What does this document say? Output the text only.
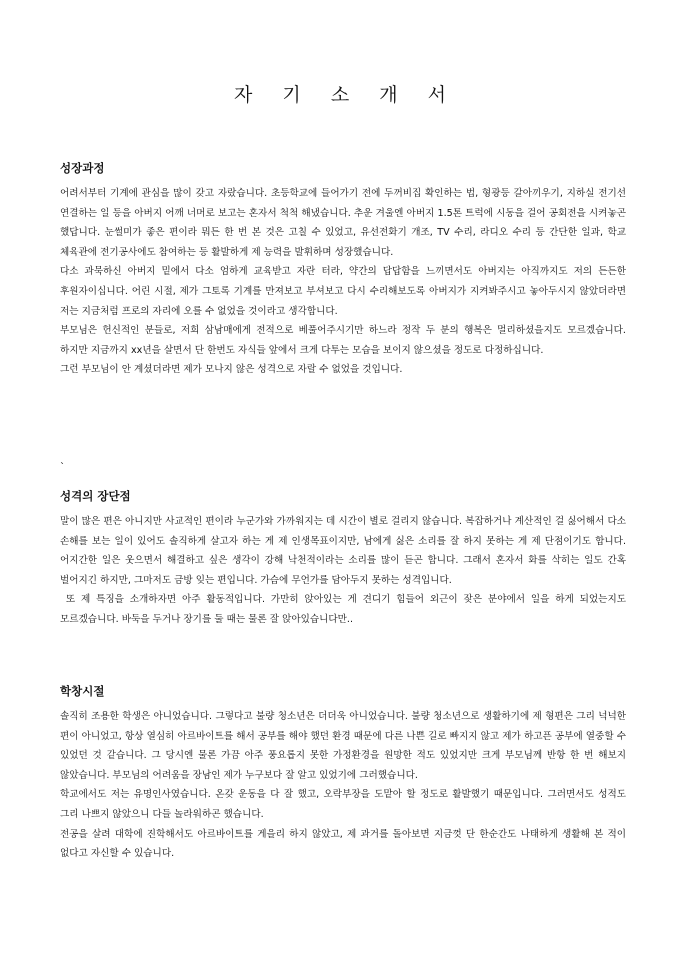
자 기 소 개 서
성장과정

어려서부터 기계에 관심을 많이 갖고 자랐습니다. 초등학교에 들어가기 전에 두꺼비집 확인하는 법, 형광등 갈아끼우기, 지하실 전기선 연결하는 일 등을 아버지 어깨 너머로 보고는 혼자서 척척 해냈습니다. 추운 겨울엔 아버지 1.5톤 트럭에 시동을 걸어 공회전을 시켜놓곤 했답니다. 눈썰미가 좋은 편이라 뭐든 한 번 본 것은 고칠 수 있었고, 유선전화기 개조, TV 수리, 라디오 수리 등 간단한 일과, 학교 체육관에 전기공사에도 참여하는 등 활발하게 제 능력을 발휘하며 성장했습니다.

다소 과묵하신 아버지 밑에서 다소 엄하게 교육받고 자란 터라, 약간의 답답함을 느끼면서도 아버지는 아직까지도 저의 든든한 후원자이십니다. 어린 시절, 제가 그토록 기계를 만져보고 부셔보고 다시 수리해보도록 아버지가 지켜봐주시고 놓아두시지 않았더라면 저는 지금처럼 프로의 자리에 오를 수 없었을 것이라고 생각합니다.

부모님은 헌신적인 분들로, 저희 삼남매에게 전적으로 베풀어주시기만 하느라 정작 두 분의 행복은 멀리하셨을지도 모르겠습니다. 하지만 지금까지 xx년을 살면서 단 한번도 자식들 앞에서 크게 다투는 모습을 보이지 않으셨을 정도로 다정하십니다.

그런 부모님이 안 계셨더라면 제가 모나지 않은 성격으로 자랄 수 없었을 것입니다.

`
성격의 장단점

말이 많은 편은 아니지만 사교적인 편이라 누군가와 가까워지는 데 시간이 별로 걸리지 않습니다. 복잡하거나 계산적인 걸 싫어해서 다소 손해를 보는 일이 있어도 솔직하게 살고자 하는 게 제 인생목표이지만, 남에게 싫은 소리를 잘 하지 못하는 게 제 단점이기도 합니다. 어지간한 일은 웃으면서 해결하고 싶은 생각이 강해 낙천적이라는 소리를 많이 듣곤 합니다. 그래서 혼자서 화를 삭히는 일도 간혹 벌어지긴 하지만, 그마저도 금방 잊는 편입니다. 가슴에 무언가를 담아두지 못하는 성격입니다.

또 제 특징을 소개하자면 아주 활동적입니다. 가만히 앉아있는 게 견디기 힘들어 외근이 잦은 분야에서 일을 하게 되었는지도 모르겠습니다. 바둑을 두거나 장기를 둘 때는 물론 잘 앉아있습니다만..

학창시절

솔직히 조용한 학생은 아니었습니다. 그렇다고 불량 청소년은 더더욱 아니었습니다. 불량 청소년으로 생활하기에 제 형편은 그리 넉넉한 편이 아니었고, 항상 열심히 아르바이트를 해서 공부를 해야 했던 환경 때문에 다른 나쁜 길로 빠지지 않고 제가 하고픈 공부에 열중할 수 있었던 것 같습니다. 그 당시엔 물론 가끔 아주 풍요롭지 못한 가정환경을 원망한 적도 있었지만 크게 부모님께 반항 한 번 해보지 않았습니다. 부모님의 어려움을 장남인 제가 누구보다 잘 알고 있었기에 그러했습니다.

학교에서도 저는 유명인사였습니다. 온갖 운동을 다 잘 했고, 오락부장을 도맡아 할 정도로 활발했기 때문입니다. 그러면서도 성적도 그리 나쁘지 않았으니 다들 놀라워하곤 했습니다.

전공을 살려 대학에 진학해서도 아르바이트를 게을리 하지 않았고, 제 과거를 돌아보면 지금껏 단 한순간도 나태하게 생활해 본 적이 없다고 자신할 수 있습니다.
